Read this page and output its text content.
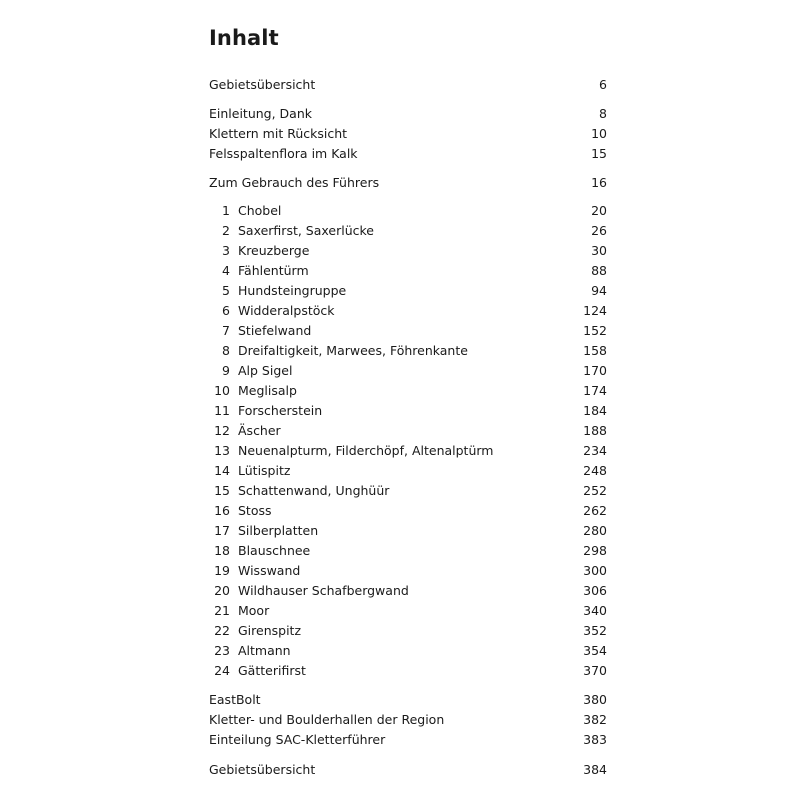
Inhalt
Gebietsübersicht	6
Einleitung, Dank	8
Klettern mit Rücksicht	10
Felsspaltenflora im Kalk	15
Zum Gebrauch des Führers	16
1 Chobel	20
2 Saxerfirst, Saxerlücke	26
3 Kreuzberge	30
4 Fählentürm	88
5 Hundsteingruppe	94
6 Widderalpstöck	124
7 Stiefelwand	152
8 Dreifaltigkeit, Marwees, Föhrenkante	158
9 Alp Sigel	170
10 Meglisalp	174
11 Forscherstein	184
12 Äscher	188
13 Neuenalpturm, Filderchöpf, Altenalptürm	234
14 Lütispitz	248
15 Schattenwand, Unghüür	252
16 Stoss	262
17 Silberplatten	280
18 Blauschnee	298
19 Wisswand	300
20 Wildhauser Schafbergwand	306
21 Moor	340
22 Girenspitz	352
23 Altmann	354
24 Gätterifirst	370
EastBolt	380
Kletter- und Boulderhallen der Region	382
Einteilung SAC-Kletterführer	383
Gebietsübersicht	384
